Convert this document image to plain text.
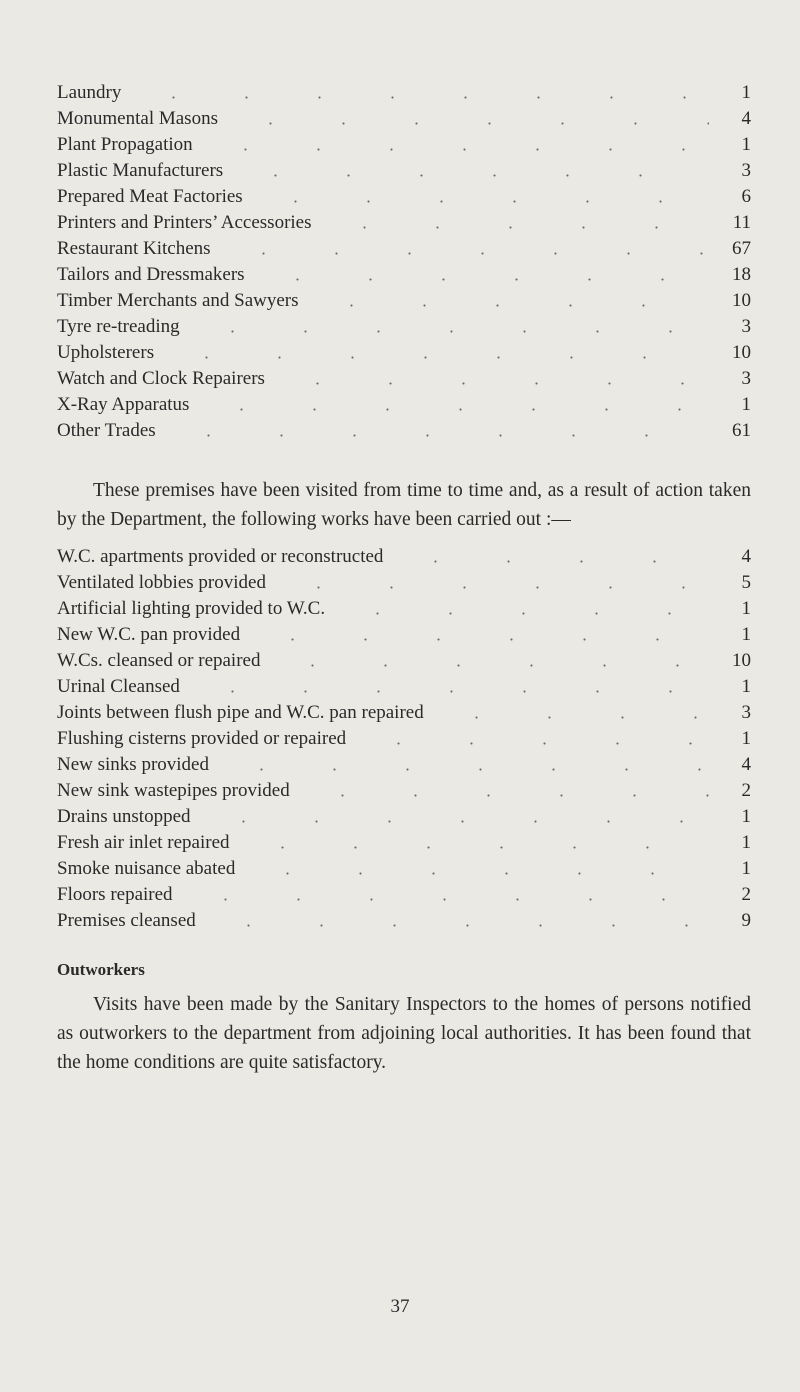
Laundry	1
Monumental Masons	4
Plant Propagation	1
Plastic Manufacturers	3
Prepared Meat Factories	6
Printers and Printers’ Accessories	11
Restaurant Kitchens	67
Tailors and Dressmakers	18
Timber Merchants and Sawyers	10
Tyre re-treading	3
Upholsterers	10
Watch and Clock Repairers	3
X-Ray Apparatus	1
Other Trades	61

These premises have been visited from time to time and, as a result of action taken by the Department, the following works have been carried out :—

W.C. apartments provided or reconstructed	4
Ventilated lobbies provided	5
Artificial lighting provided to W.C.	1
New W.C. pan provided	1
W.Cs. cleansed or repaired	10
Urinal Cleansed	1
Joints between flush pipe and W.C. pan repaired	3
Flushing cisterns provided or repaired	1
New sinks provided	4
New sink wastepipes provided	2
Drains unstopped	1
Fresh air inlet repaired	1
Smoke nuisance abated	1
Floors repaired	2
Premises cleansed	9
Outworkers

Visits have been made by the Sanitary Inspectors to the homes of persons notified as outworkers to the department from adjoining local authorities. It has been found that the home conditions are quite satisfactory.

37
